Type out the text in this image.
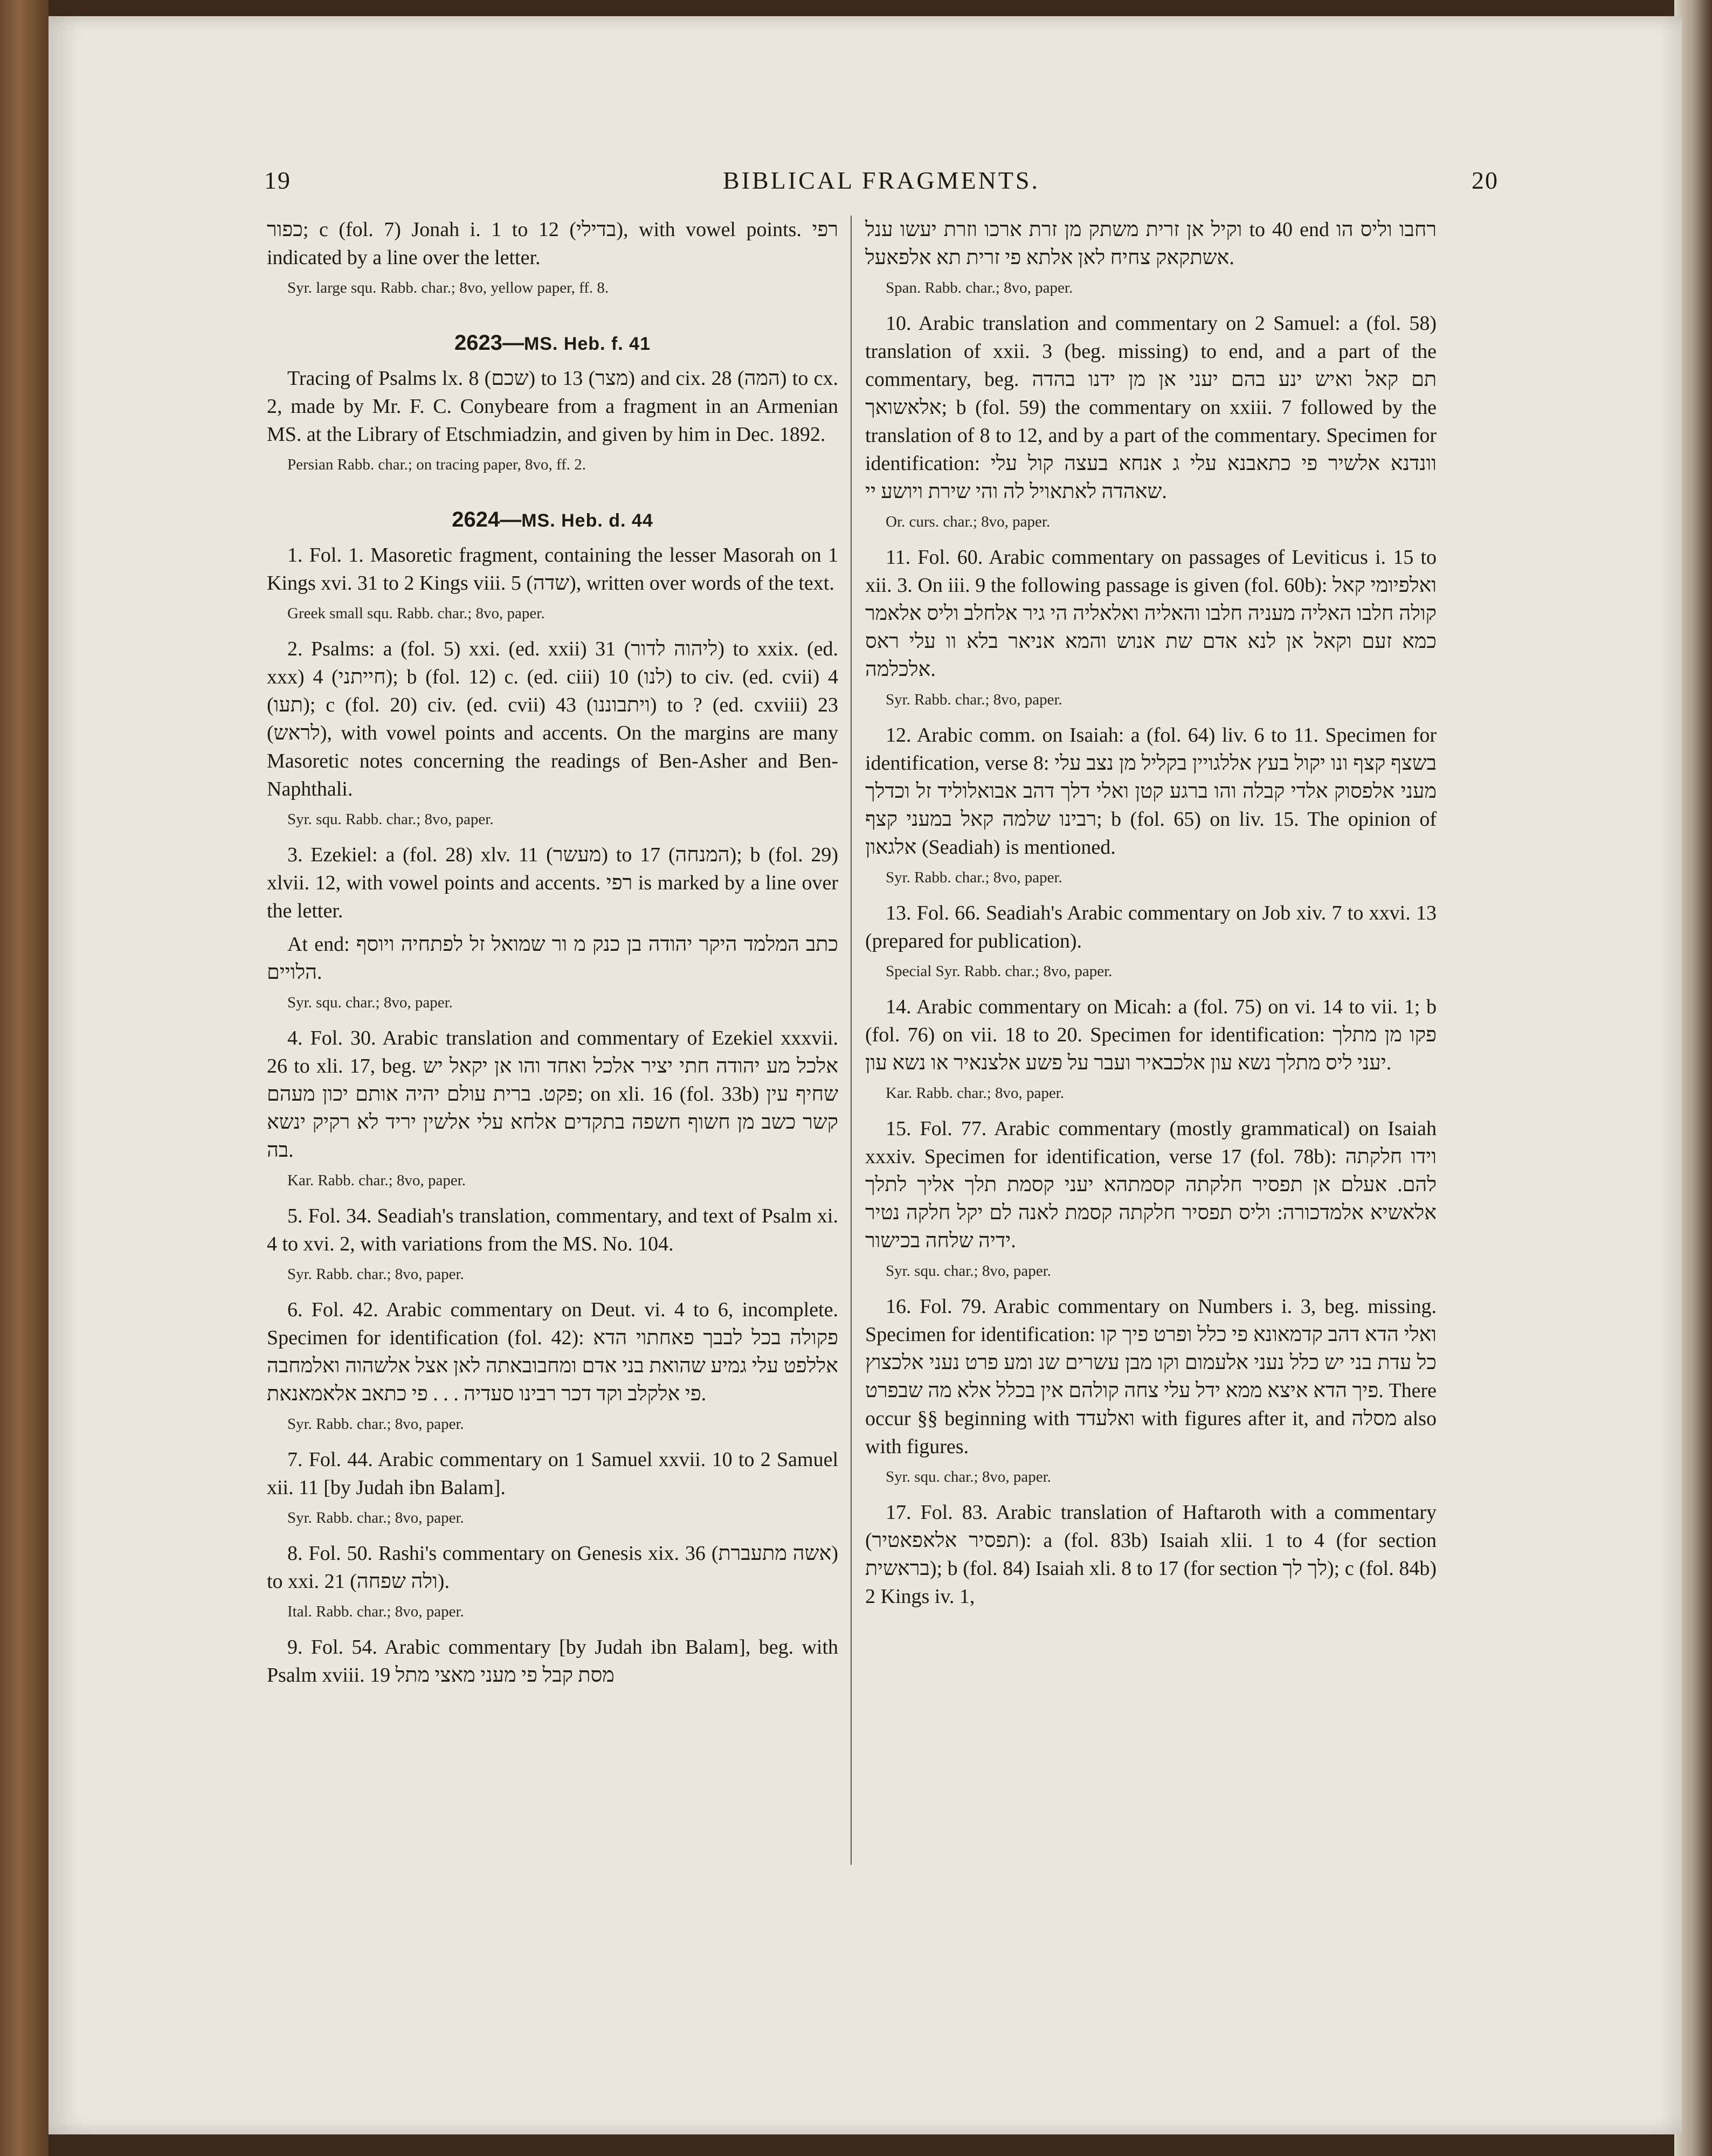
19	BIBLICAL FRAGMENTS.	20

כפור; c (fol. 7) Jonah i. 1 to 12 (בדילי), with vowel points. רפי indicated by a line over the letter.

Syr. large squ. Rabb. char.; 8vo, yellow paper, ff. 8.

2623—MS. Heb. f. 41

Tracing of Psalms lx. 8 (שכם) to 13 (מצר) and cix. 28 (המה) to cx. 2, made by Mr. F. C. Conybeare from a fragment in an Armenian MS. at the Library of Etschmiadzin, and given by him in Dec. 1892.

Persian Rabb. char.; on tracing paper, 8vo, ff. 2.

2624—MS. Heb. d. 44

1. Fol. 1. Masoretic fragment, containing the lesser Masorah on 1 Kings xvi. 31 to 2 Kings viii. 5 (שדה), written over words of the text.

Greek small squ. Rabb. char.; 8vo, paper.

2. Psalms: a (fol. 5) xxi. (ed. xxii) 31 (ליהוה לדור) to xxix. (ed. xxx) 4 (חייתני); b (fol. 12) c. (ed. ciii) 10 (לנו) to civ. (ed. cvii) 4 (תעו); c (fol. 20) civ. (ed. cvii) 43 (ויתבוננו) to ? (ed. cxviii) 23 (לראש), with vowel points and accents. On the margins are many Masoretic notes concerning the readings of Ben-Asher and Ben-Naphthali.

Syr. squ. Rabb. char.; 8vo, paper.

3. Ezekiel: a (fol. 28) xlv. 11 (מעשר) to 17 (המנחה); b (fol. 29) xlvii. 12, with vowel points and accents. רפי is marked by a line over the letter.

At end: כתב המלמד היקר יהודה בן כנק מ ור שמואל זל לפתחיה ויוסף הלויים.

Syr. squ. char.; 8vo, paper.

4. Fol. 30. Arabic translation and commentary of Ezekiel xxxvii. 26 to xli. 17, beg. אלכל מע יהודה חתי יציר אלכל ואחד והו אן יקאל יש פקט. ברית עולם יהיה אותם יכון מעהם; on xli. 16 (fol. 33b) שחיף עין קשר כשב מן חשוף חשפה בתקדים אלחא עלי אלשין יריד לא רקיק ינשא בה.

Kar. Rabb. char.; 8vo, paper.

5. Fol. 34. Seadiah's translation, commentary, and text of Psalm xi. 4 to xvi. 2, with variations from the MS. No. 104.

Syr. Rabb. char.; 8vo, paper.

6. Fol. 42. Arabic commentary on Deut. vi. 4 to 6, incomplete. Specimen for identification (fol. 42): פקולה בכל לבבך פאחתוי הדא אללפט עלי גמיע שהואת בני אדם ומחבובאתה לאן אצל אלשהוה ואלמחבה פי אלקלב וקד דכר רבינו סעדיה . . . פי כתאב אלאמאנאת.

Syr. Rabb. char.; 8vo, paper.

7. Fol. 44. Arabic commentary on 1 Samuel xxvii. 10 to 2 Samuel xii. 11 [by Judah ibn Balam].

Syr. Rabb. char.; 8vo, paper.

8. Fol. 50. Rashi's commentary on Genesis xix. 36 (אשה מתעברת) to xxi. 21 (ולה שפחה).

Ital. Rabb. char.; 8vo, paper.

9. Fol. 54. Arabic commentary [by Judah ibn Balam], beg. with Psalm xviii. 19 מסת קבל פי מעני מאצי מתל

וקיל אן זרית משתק מן זרת ארכו וזרת יעשו ענל to 40 end רחבו וליס הו אשתקאק צחיח לאן אלתא פי זרית תא אלפאעל.

Span. Rabb. char.; 8vo, paper.

10. Arabic translation and commentary on 2 Samuel: a (fol. 58) translation of xxii. 3 (beg. missing) to end, and a part of the commentary, beg. תם קאל ואיש ינע בהם יעני אן מן ידנו בהדה אלאשואך; b (fol. 59) the commentary on xxiii. 7 followed by the translation of 8 to 12, and by a part of the commentary. Specimen for identification: וונדנא אלשיר פי כתאבנא עלי ג אנחא בעצה קול עלי שאהדה לאתאויל לה והי שירת ויושע יי.

Or. curs. char.; 8vo, paper.

11. Fol. 60. Arabic commentary on passages of Leviticus i. 15 to xii. 3. On iii. 9 the following passage is given (fol. 60b): ואלפיומי קאל קולה חלבו האליה מעניה חלבו והאליה ואלאליה הי גיר אלחלב וליס אלאמר כמא זעם וקאל אן לנא אדם שת אנוש והמא אניאר בלא וו עלי ראס אלכלמה.

Syr. Rabb. char.; 8vo, paper.

12. Arabic comm. on Isaiah: a (fol. 64) liv. 6 to 11. Specimen for identification, verse 8: בשצף קצף ונו יקול בעץ אללגויין בקליל מן נצב עלי מעני אלפסוק אלדי קבלה והו ברגע קטן ואלי דלך דהב אבואלוליד זל וכדלך רבינו שלמה קאל במעני קצף; b (fol. 65) on liv. 15. The opinion of אלגאון (Seadiah) is mentioned.

Syr. Rabb. char.; 8vo, paper.

13. Fol. 66. Seadiah's Arabic commentary on Job xiv. 7 to xxvi. 13 (prepared for publication).

Special Syr. Rabb. char.; 8vo, paper.

14. Arabic commentary on Micah: a (fol. 75) on vi. 14 to vii. 1; b (fol. 76) on vii. 18 to 20. Specimen for identification: פקו מן מתלך יעני ליס מתלך נשא עון אלכבאיר ועבר על פשע אלצנאיר או נשא עון.

Kar. Rabb. char.; 8vo, paper.

15. Fol. 77. Arabic commentary (mostly grammatical) on Isaiah xxxiv. Specimen for identification, verse 17 (fol. 78b): וידו חלקתה להם. אעלם אן תפסיר חלקתה קסמתהא יעני קסמת תלך אליך לתלך אלאשיא אלמדכורה: וליס תפסיר חלקתה קסמת לאנה לם יקל חלקה נטיר ידיה שלחה בכישור.

Syr. squ. char.; 8vo, paper.

16. Fol. 79. Arabic commentary on Numbers i. 3, beg. missing. Specimen for identification: ואלי הדא דהב קדמאונא פי כלל ופרט פיך קו כל עדת בני יש כלל נעני אלעמום וקו מבן עשרים שנ ומע פרט נעני אלכצוץ פיך הדא איצא ממא ידל עלי צחה קולהם אין בכלל אלא מה שבפרט. There occur §§ beginning with ואלעדד with figures after it, and מסלה also with figures.

Syr. squ. char.; 8vo, paper.

17. Fol. 83. Arabic translation of Haftaroth with a commentary (תפסיר אלאפאטיר): a (fol. 83b) Isaiah xlii. 1 to 4 (for section בראשית); b (fol. 84) Isaiah xli. 8 to 17 (for section לך לך); c (fol. 84b) 2 Kings iv. 1,
